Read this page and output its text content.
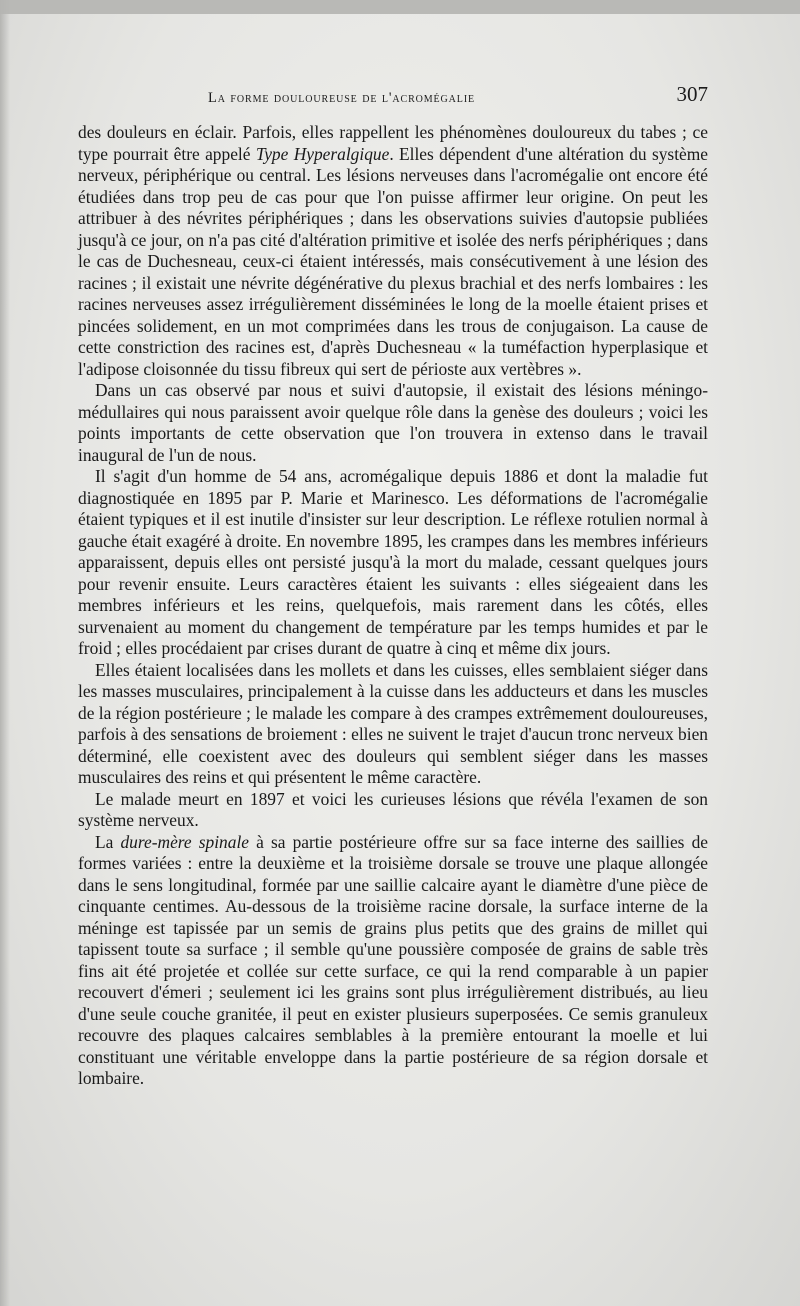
La forme douloureuse de l'acromégalie	307

des douleurs en éclair. Parfois, elles rappellent les phénomènes douloureux du tabes ; ce type pourrait être appelé Type Hyperalgique. Elles dépendent d'une altération du système nerveux, périphérique ou central. Les lésions nerveuses dans l'acromégalie ont encore été étudiées dans trop peu de cas pour que l'on puisse affirmer leur origine. On peut les attribuer à des névrites périphériques ; dans les observations suivies d'autopsie publiées jusqu'à ce jour, on n'a pas cité d'altération primitive et isolée des nerfs périphériques ; dans le cas de Duchesneau, ceux-ci étaient intéressés, mais consécutivement à une lésion des racines ; il existait une névrite dégénérative du plexus brachial et des nerfs lombaires : les racines nerveuses assez irrégulièrement disséminées le long de la moelle étaient prises et pincées solidement, en un mot comprimées dans les trous de conjugaison. La cause de cette constriction des racines est, d'après Duchesneau « la tuméfaction hyperplasique et l'adipose cloisonnée du tissu fibreux qui sert de périoste aux vertèbres ».

Dans un cas observé par nous et suivi d'autopsie, il existait des lésions méningo-médullaires qui nous paraissent avoir quelque rôle dans la genèse des douleurs ; voici les points importants de cette observation que l'on trouvera in extenso dans le travail inaugural de l'un de nous.

Il s'agit d'un homme de 54 ans, acromégalique depuis 1886 et dont la maladie fut diagnostiquée en 1895 par P. Marie et Marinesco. Les déformations de l'acromégalie étaient typiques et il est inutile d'insister sur leur description. Le réflexe rotulien normal à gauche était exagéré à droite. En novembre 1895, les crampes dans les membres inférieurs apparaissent, depuis elles ont persisté jusqu'à la mort du malade, cessant quelques jours pour revenir ensuite. Leurs caractères étaient les suivants : elles siégeaient dans les membres inférieurs et les reins, quelquefois, mais rarement dans les côtés, elles survenaient au moment du changement de température par les temps humides et par le froid ; elles procédaient par crises durant de quatre à cinq et même dix jours.

Elles étaient localisées dans les mollets et dans les cuisses, elles semblaient siéger dans les masses musculaires, principalement à la cuisse dans les adducteurs et dans les muscles de la région postérieure ; le malade les compare à des crampes extrêmement douloureuses, parfois à des sensations de broiement : elles ne suivent le trajet d'aucun tronc nerveux bien déterminé, elle coexistent avec des douleurs qui semblent siéger dans les masses musculaires des reins et qui présentent le même caractère.

Le malade meurt en 1897 et voici les curieuses lésions que révéla l'examen de son système nerveux.

La dure-mère spinale à sa partie postérieure offre sur sa face interne des saillies de formes variées : entre la deuxième et la troisième dorsale se trouve une plaque allongée dans le sens longitudinal, formée par une saillie calcaire ayant le diamètre d'une pièce de cinquante centimes. Au-dessous de la troisième racine dorsale, la surface interne de la méninge est tapissée par un semis de grains plus petits que des grains de millet qui tapissent toute sa surface ; il semble qu'une poussière composée de grains de sable très fins ait été projetée et collée sur cette surface, ce qui la rend comparable à un papier recouvert d'émeri ; seulement ici les grains sont plus irrégulièrement distribués, au lieu d'une seule couche granitée, il peut en exister plusieurs superposées. Ce semis granuleux recouvre des plaques calcaires semblables à la première entourant la moelle et lui constituant une véritable enveloppe dans la partie postérieure de sa région dorsale et lombaire.
